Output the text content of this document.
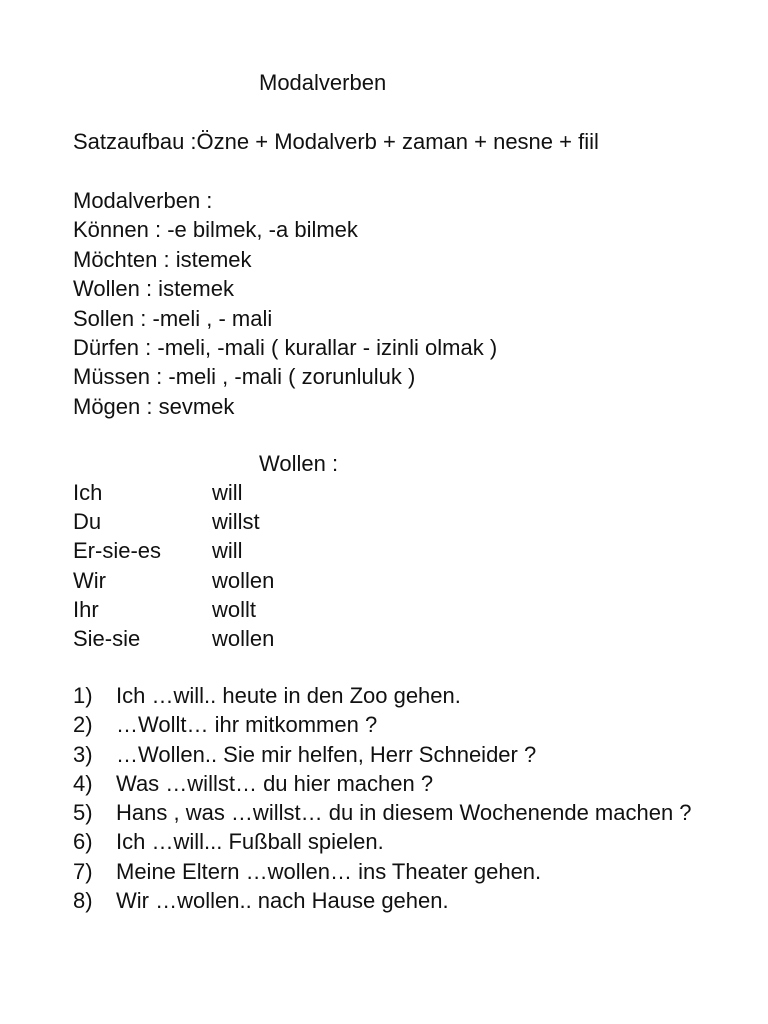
Modalverben
Satzaufbau :Özne + Modalverb + zaman + nesne + fiil
Modalverben :
Können : -e bilmek, -a bilmek
Möchten : istemek
Wollen : istemek
Sollen : -meli , - mali
Dürfen : -meli, -mali ( kurallar - izinli olmak )
Müssen : -meli , -mali ( zorunluluk )
Mögen : sevmek
Wollen :
Ich	will
Du	willst
Er-sie-es	will
Wir	wollen
Ihr	wollt
Sie-sie	wollen
1)	Ich …will.. heute in den Zoo gehen.
2)	…Wollt… ihr mitkommen ?
3)	…Wollen.. Sie mir helfen, Herr Schneider ?
4)	Was …willst… du hier machen ?
5)	Hans , was …willst… du in diesem Wochenende machen ?
6)	Ich …will... Fußball spielen.
7)	Meine Eltern …wollen… ins Theater gehen.
8)	Wir …wollen.. nach Hause gehen.
